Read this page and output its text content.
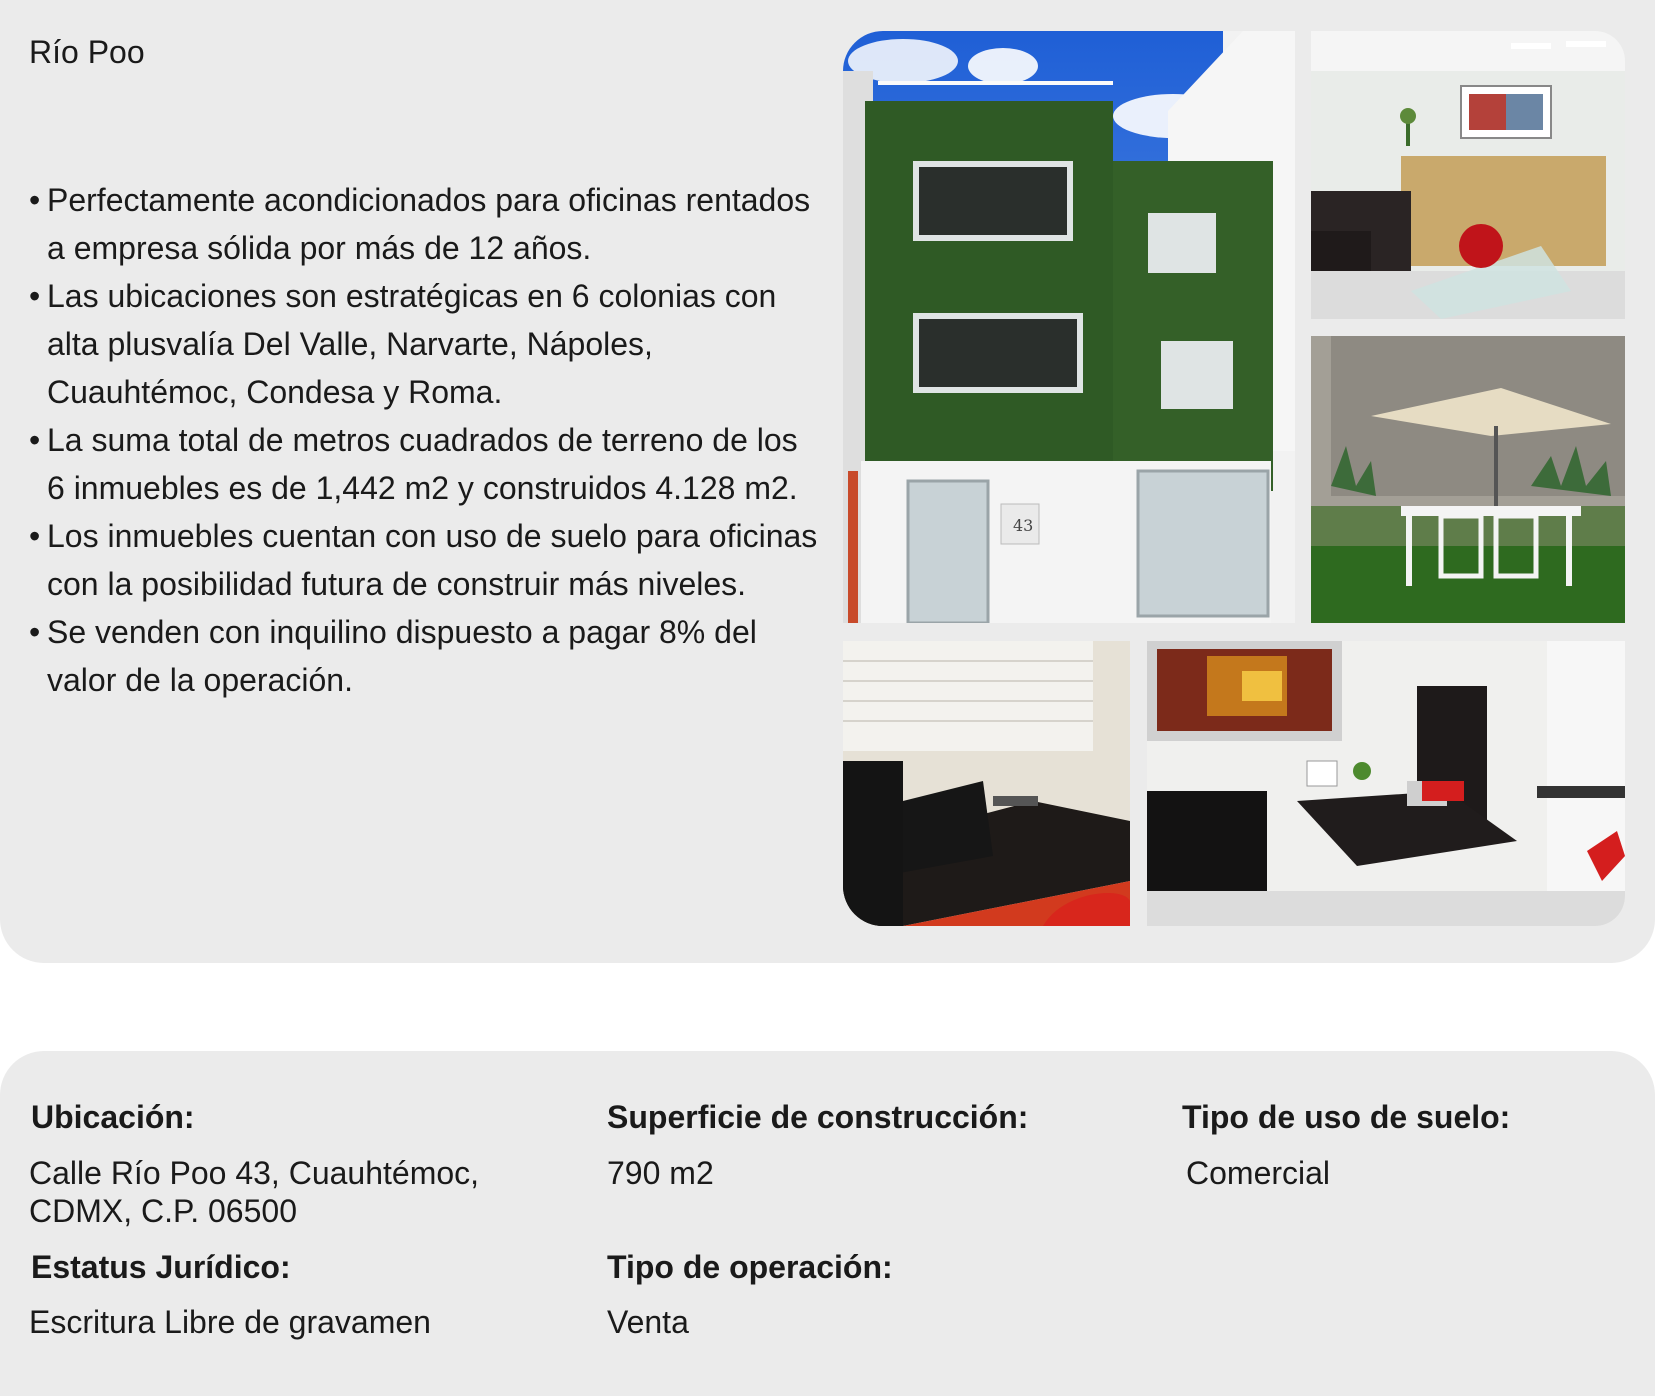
Río Poo
• Perfectamente acondicionados para oficinas rentados a empresa sólida por más de 12 años.
• Las ubicaciones son estratégicas en 6 colonias con alta plusvalía Del Valle, Narvarte, Nápoles, Cuauhtémoc, Condesa y Roma.
• La suma total de metros cuadrados de terreno de los 6 inmuebles es de 1,442 m2 y construidos 4.128 m2.
• Los inmuebles cuentan con uso de suelo para oficinas con la posibilidad futura de construir más niveles.
• Se venden con inquilino dispuesto a pagar 8% del valor de la operación.
43
Ubicación:
Calle Río Poo 43, Cuauhtémoc,
CDMX, C.P. 06500
Estatus Jurídico:
Escritura Libre de gravamen
Superficie de construcción:
790 m2
Tipo de operación:
Venta
Tipo de uso de suelo:
Comercial
